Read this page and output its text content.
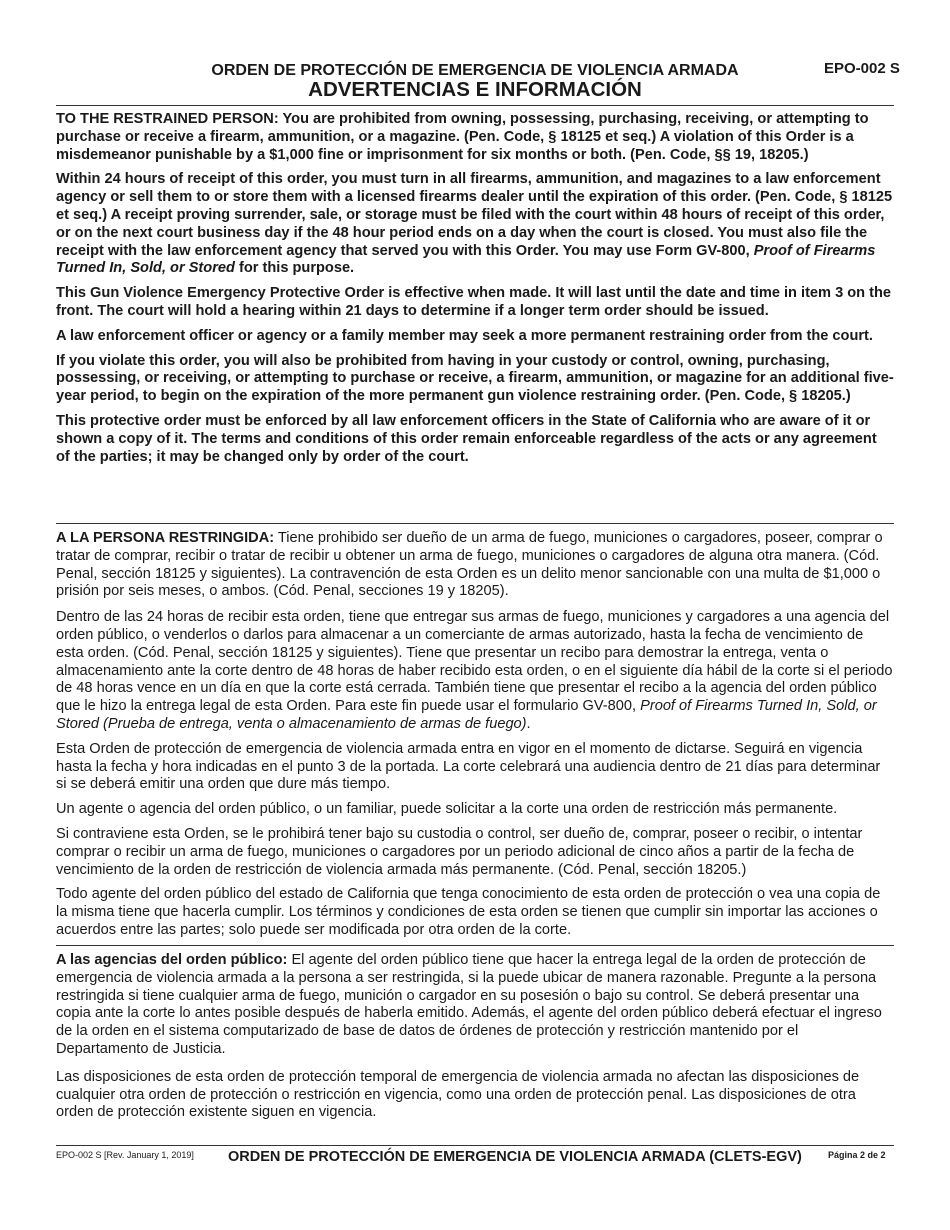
EPO-002 S
ORDEN DE PROTECCIÓN DE EMERGENCIA DE VIOLENCIA ARMADA
ADVERTENCIAS E INFORMACIÓN

TO THE RESTRAINED PERSON: You are prohibited from owning, possessing, purchasing, receiving, or attempting to purchase or receive a firearm, ammunition, or a magazine. (Pen. Code, § 18125 et seq.) A violation of this Order is a misdemeanor punishable by a $1,000 fine or imprisonment for six months or both. (Pen. Code, §§ 19, 18205.)

Within 24 hours of receipt of this order, you must turn in all firearms, ammunition, and magazines to a law enforcement agency or sell them to or store them with a licensed firearms dealer until the expiration of this order. (Pen. Code, § 18125 et seq.) A receipt proving surrender, sale, or storage must be filed with the court within 48 hours of receipt of this order, or on the next court business day if the 48 hour period ends on a day when the court is closed. You must also file the receipt with the law enforcement agency that served you with this Order. You may use Form GV-800, Proof of Firearms Turned In, Sold, or Stored for this purpose.

This Gun Violence Emergency Protective Order is effective when made. It will last until the date and time in item 3 on the front. The court will hold a hearing within 21 days to determine if a longer term order should be issued.

A law enforcement officer or agency or a family member may seek a more permanent restraining order from the court.

If you violate this order, you will also be prohibited from having in your custody or control, owning, purchasing, possessing, or receiving, or attempting to purchase or receive, a firearm, ammunition, or magazine for an additional five-year period, to begin on the expiration of the more permanent gun violence restraining order. (Pen. Code, § 18205.)

This protective order must be enforced by all law enforcement officers in the State of California who are aware of it or shown a copy of it. The terms and conditions of this order remain enforceable regardless of the acts or any agreement of the parties; it may be changed only by order of the court.

A LA PERSONA RESTRINGIDA: Tiene prohibido ser dueño de un arma de fuego, municiones o cargadores, poseer, comprar o tratar de comprar, recibir o tratar de recibir u obtener un arma de fuego, municiones o cargadores de alguna otra manera. (Cód. Penal, sección 18125 y siguientes). La contravención de esta Orden es un delito menor sancionable con una multa de $1,000 o prisión por seis meses, o ambos. (Cód. Penal, secciones 19 y 18205).

Dentro de las 24 horas de recibir esta orden, tiene que entregar sus armas de fuego, municiones y cargadores a una agencia del orden público, o venderlos o darlos para almacenar a un comerciante de armas autorizado, hasta la fecha de vencimiento de esta orden. (Cód. Penal, sección 18125 y siguientes). Tiene que presentar un recibo para demostrar la entrega, venta o almacenamiento ante la corte dentro de 48 horas de haber recibido esta orden, o en el siguiente día hábil de la corte si el periodo de 48 horas vence en un día en que la corte está cerrada. También tiene que presentar el recibo a la agencia del orden público que le hizo la entrega legal de esta Orden. Para este fin puede usar el formulario GV-800, Proof of Firearms Turned In, Sold, or Stored (Prueba de entrega, venta o almacenamiento de armas de fuego).

Esta Orden de protección de emergencia de violencia armada entra en vigor en el momento de dictarse. Seguirá en vigencia hasta la fecha y hora indicadas en el punto 3 de la portada. La corte celebrará una audiencia dentro de 21 días para determinar si se deberá emitir una orden que dure más tiempo.

Un agente o agencia del orden público, o un familiar, puede solicitar a la corte una orden de restricción más permanente.

Si contraviene esta Orden, se le prohibirá tener bajo su custodia o control, ser dueño de, comprar, poseer o recibir, o intentar comprar o recibir un arma de fuego, municiones o cargadores por un periodo adicional de cinco años a partir de la fecha de vencimiento de la orden de restricción de violencia armada más permanente. (Cód. Penal, sección 18205.)

Todo agente del orden público del estado de California que tenga conocimiento de esta orden de protección o vea una copia de la misma tiene que hacerla cumplir. Los términos y condiciones de esta orden se tienen que cumplir sin importar las acciones o acuerdos entre las partes; solo puede ser modificada por otra orden de la corte.

A las agencias del orden público: El agente del orden público tiene que hacer la entrega legal de la orden de protección de emergencia de violencia armada a la persona a ser restringida, si la puede ubicar de manera razonable. Pregunte a la persona restringida si tiene cualquier arma de fuego, munición o cargador en su posesión o bajo su control. Se deberá presentar una copia ante la corte lo antes posible después de haberla emitido. Además, el agente del orden público deberá efectuar el ingreso de la orden en el sistema computarizado de base de datos de órdenes de protección y restricción mantenido por el Departamento de Justicia.

Las disposiciones de esta orden de protección temporal de emergencia de violencia armada no afectan las disposiciones de cualquier otra orden de protección o restricción en vigencia, como una orden de protección penal. Las disposiciones de otra orden de protección existente siguen en vigencia.

EPO-002 S [Rev. January 1, 2019] ORDEN DE PROTECCIÓN DE EMERGENCIA DE VIOLENCIA ARMADA (CLETS-EGV)	Página 2 de 2
